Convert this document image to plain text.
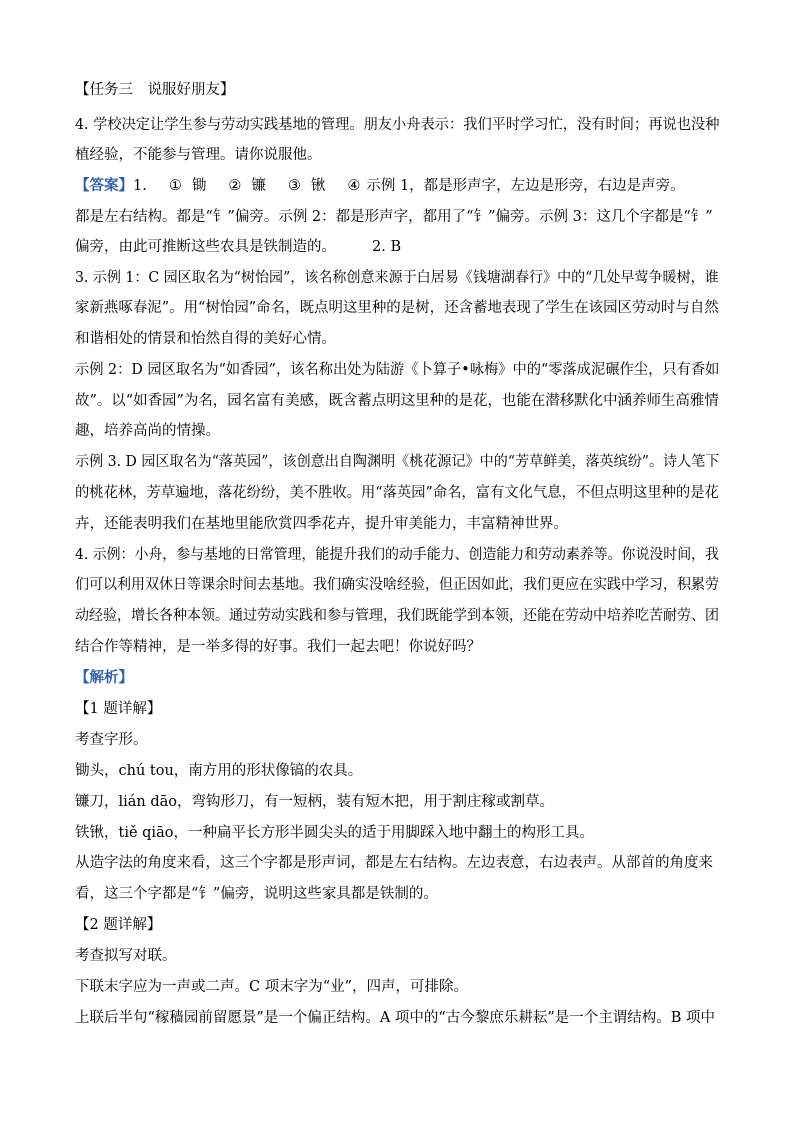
【任务三　说服好朋友】
4. 学校决定让学生参与劳动实践基地的管理。朋友小舟表示：我们平时学习忙，没有时间；再说也没种
植经验，不能参与管理。请你说服他。
【答案】1. ① 锄 ② 镰 ③ 锹 ④ 示例 1，都是形声字，左边是形旁，右边是声旁。
都是左右结构。都是“钅”偏旁。示例 2：都是形声字，都用了“钅”偏旁。示例 3：这几个字都是“钅”
偏旁，由此可推断这些农具是铁制造的。 2. B
3. 示例 1：C 园区取名为“树怡园”，该名称创意来源于白居易《钱塘湖春行》中的“几处早莺争暖树，谁
家新燕啄春泥”。用“树怡园”命名，既点明这里种的是树，还含蓄地表现了学生在该园区劳动时与自然
和谐相处的情景和怡然自得的美好心情。
示例 2：D 园区取名为“如香园”，该名称出处为陆游《卜算子•咏梅》中的“零落成泥碾作尘，只有香如
故”。以“如香园”为名，园名富有美感，既含蓄点明这里种的是花，也能在潜移默化中涵养师生高雅情
趣，培养高尚的情操。
示例 3. D 园区取名为“落英园”，该创意出自陶渊明《桃花源记》中的“芳草鲜美，落英缤纷”。诗人笔下
的桃花林，芳草遍地，落花纷纷，美不胜收。用“落英园”命名，富有文化气息，不但点明这里种的是花
卉，还能表明我们在基地里能欣赏四季花卉，提升审美能力，丰富精神世界。
4. 示例：小舟，参与基地的日常管理，能提升我们的动手能力、创造能力和劳动素养等。你说没时间，我
们可以利用双休日等课余时间去基地。我们确实没啥经验，但正因如此，我们更应在实践中学习，积累劳
动经验，增长各种本领。通过劳动实践和参与管理，我们既能学到本领，还能在劳动中培养吃苦耐劳、团
结合作等精神，是一举多得的好事。我们一起去吧！你说好吗？
【解析】
【1 题详解】
考查字形。
锄头，chú tou，南方用的形状像镐的农具。
镰刀，lián dāo，弯钩形刀，有一短柄，装有短木把，用于割庄稼或割草。
铁锹，tiě qiāo，一种扁平长方形半圆尖头的适于用脚踩入地中翻土的构形工具。
从造字法的角度来看，这三个字都是形声词，都是左右结构。左边表意，右边表声。从部首的角度来
看，这三个字都是“钅”偏旁，说明这些家具都是铁制的。
【2 题详解】
考查拟写对联。
下联末字应为一声或二声。C 项末字为“业”，四声，可排除。
上联后半句“稼穑园前留愿景”是一个偏正结构。A 项中的“古今黎庶乐耕耘”是一个主谓结构。B 项中
